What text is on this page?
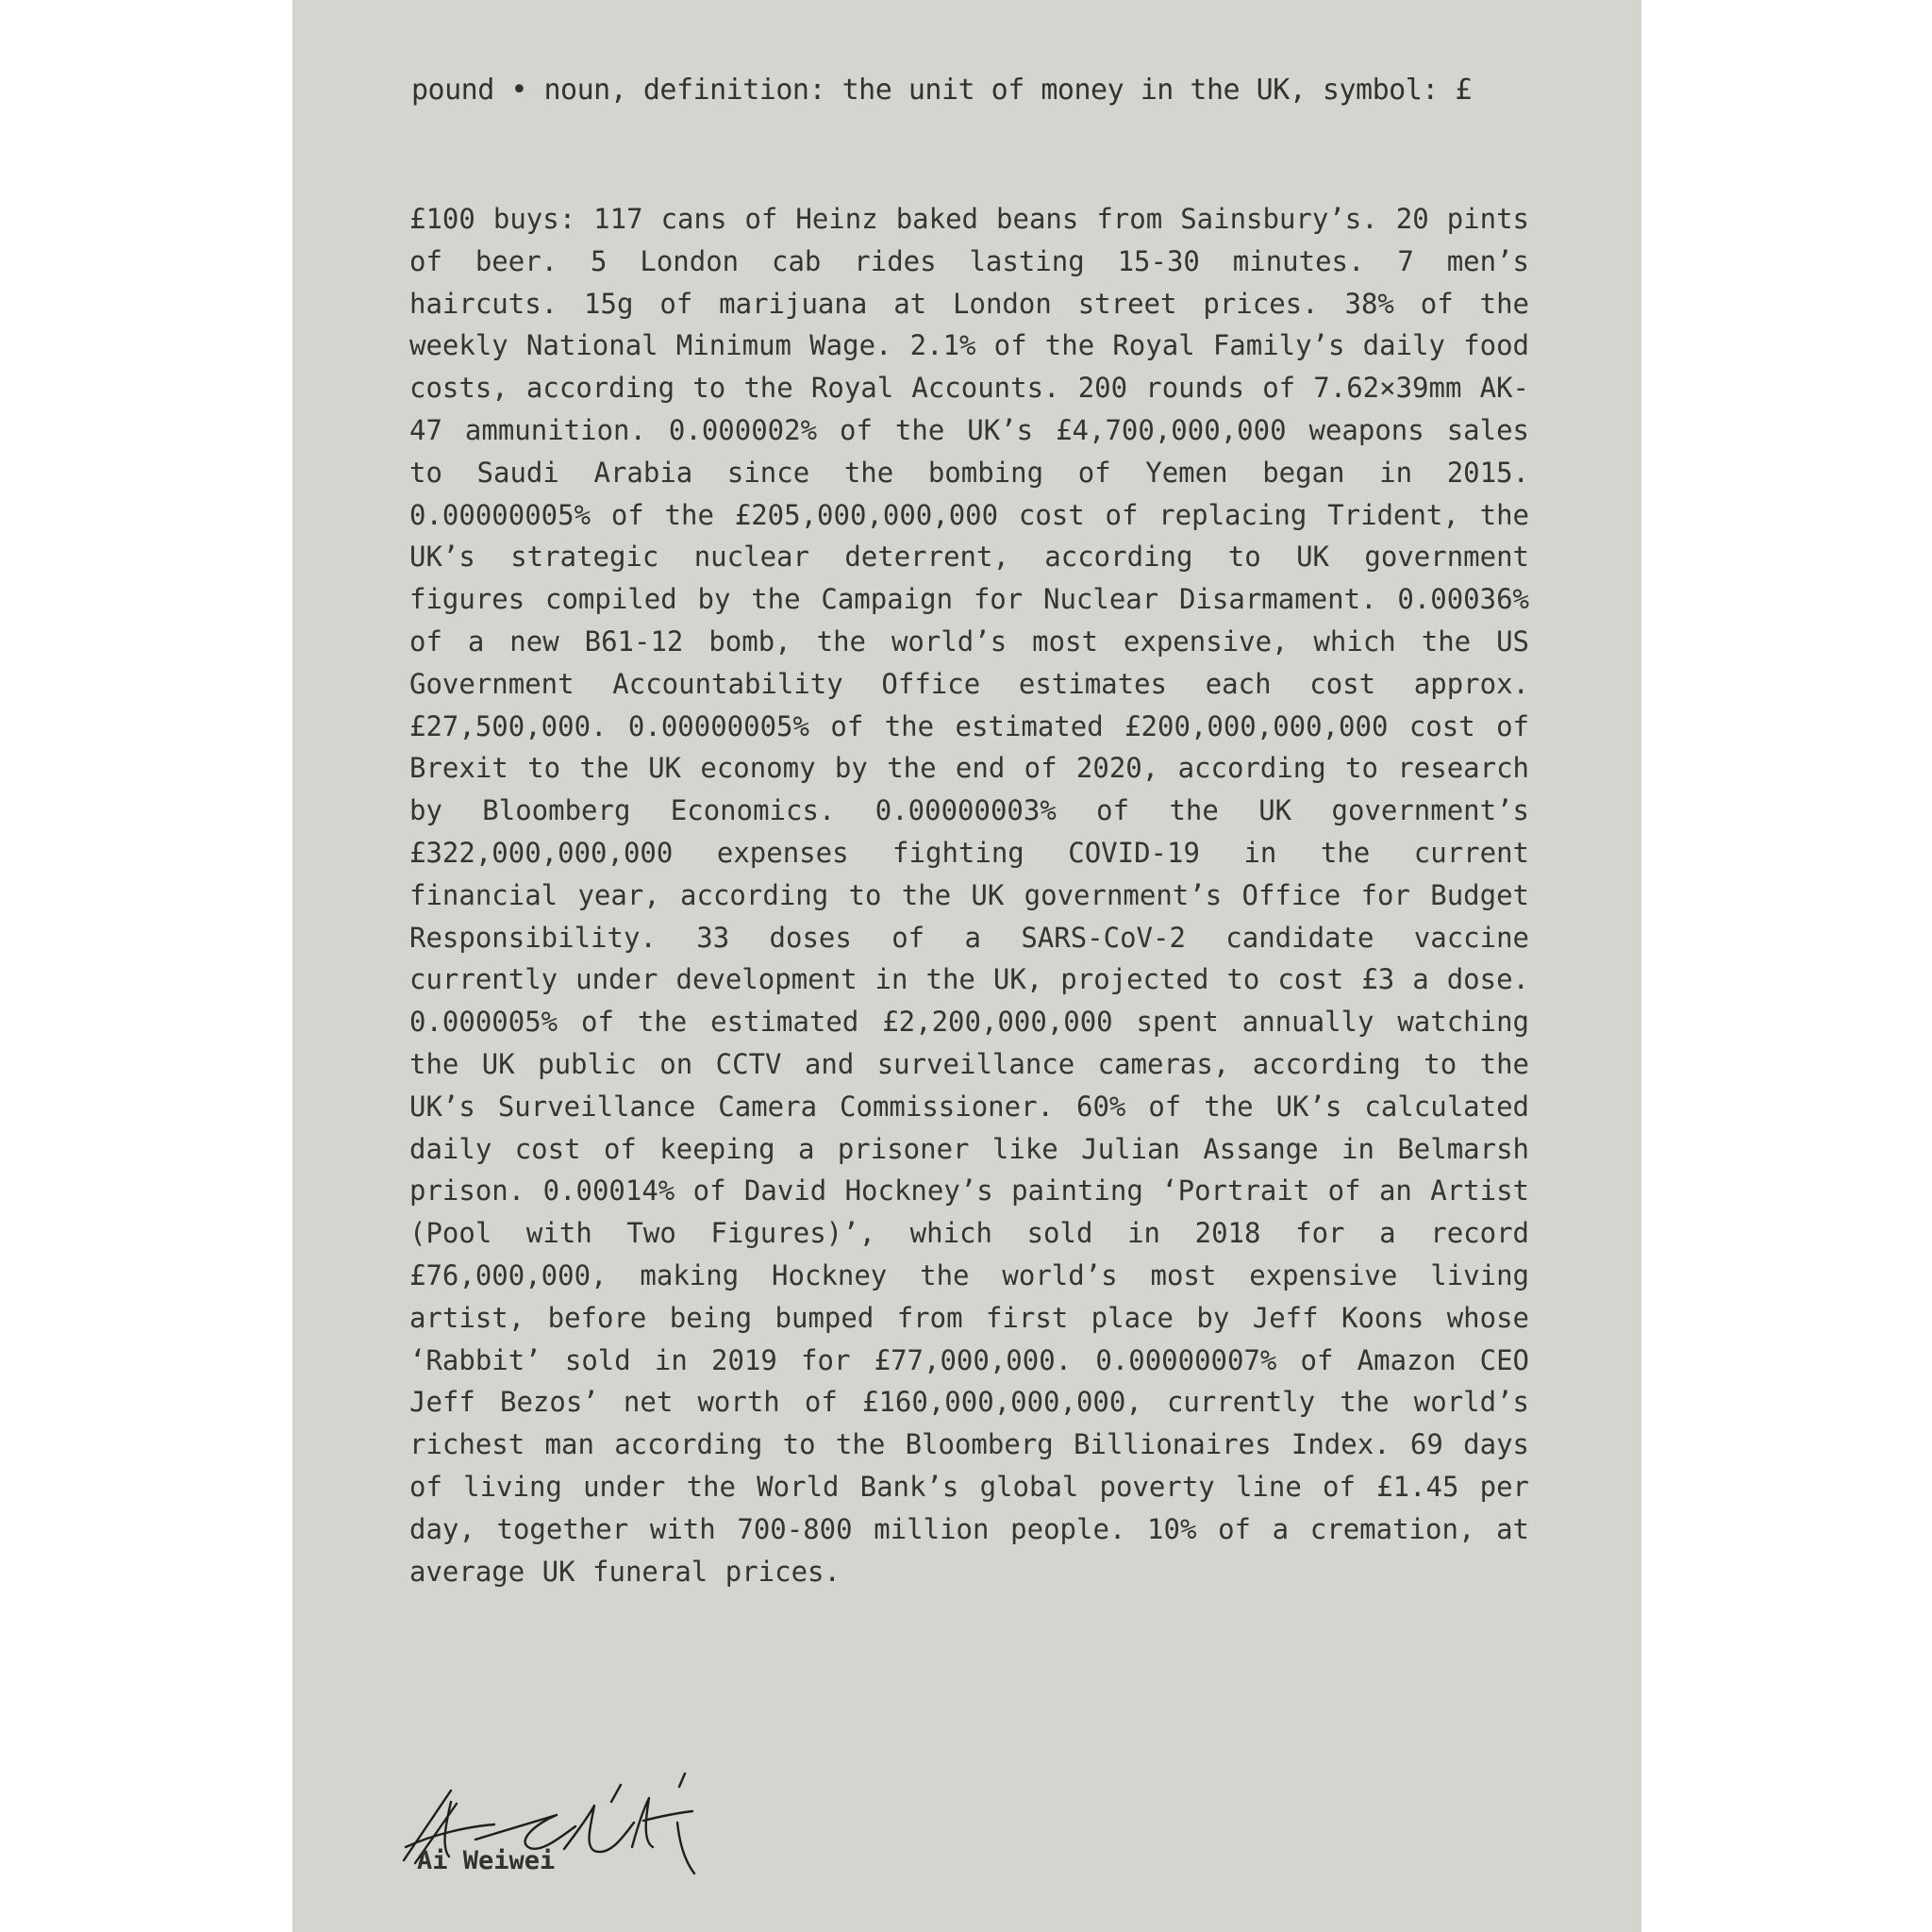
pound • noun, definition: the unit of money in the UK, symbol: £
£100 buys: 117 cans of Heinz baked beans from Sainsbury’s. 20 pints of beer. 5 London cab rides lasting 15-30 minutes. 7 men’s haircuts. 15g of marijuana at London street prices. 38% of the weekly National Minimum Wage. 2.1% of the Royal Family’s daily food costs, according to the Royal Accounts. 200 rounds of 7.62×39mm AK-47 ammunition. 0.000002% of the UK’s £4,700,000,000 weapons sales to Saudi Arabia since the bombing of Yemen began in 2015. 0.00000005% of the £205,000,000,000 cost of replacing Trident, the UK’s strategic nuclear deterrent, according to UK government figures compiled by the Campaign for Nuclear Disarmament. 0.00036% of a new B61-12 bomb, the world’s most expensive, which the US Government Accountability Office estimates each cost approx. £27,500,000. 0.00000005% of the estimated £200,000,000,000 cost of Brexit to the UK economy by the end of 2020, according to research by Bloomberg Economics. 0.00000003% of the UK government’s £322,000,000,000 expenses fighting COVID-19 in the current financial year, according to the UK government’s Office for Budget Responsibility. 33 doses of a SARS-CoV-2 candidate vaccine currently under development in the UK, projected to cost £3 a dose. 0.000005% of the estimated £2,200,000,000 spent annually watching the UK public on CCTV and surveillance cameras, according to the UK’s Surveillance Camera Commissioner. 60% of the UK’s calculated daily cost of keeping a prisoner like Julian Assange in Belmarsh prison. 0.00014% of David Hockney’s painting ‘Portrait of an Artist (Pool with Two Figures)’, which sold in 2018 for a record £76,000,000, making Hockney the world’s most expensive living artist, before being bumped from first place by Jeff Koons whose ‘Rabbit’ sold in 2019 for £77,000,000. 0.00000007% of Amazon CEO Jeff Bezos’ net worth of £160,000,000,000, currently the world’s richest man according to the Bloomberg Billionaires Index. 69 days of living under the World Bank’s global poverty line of £1.45 per day, together with 700-800 million people. 10% of a cremation, at average UK funeral prices.
Ai Weiwei
